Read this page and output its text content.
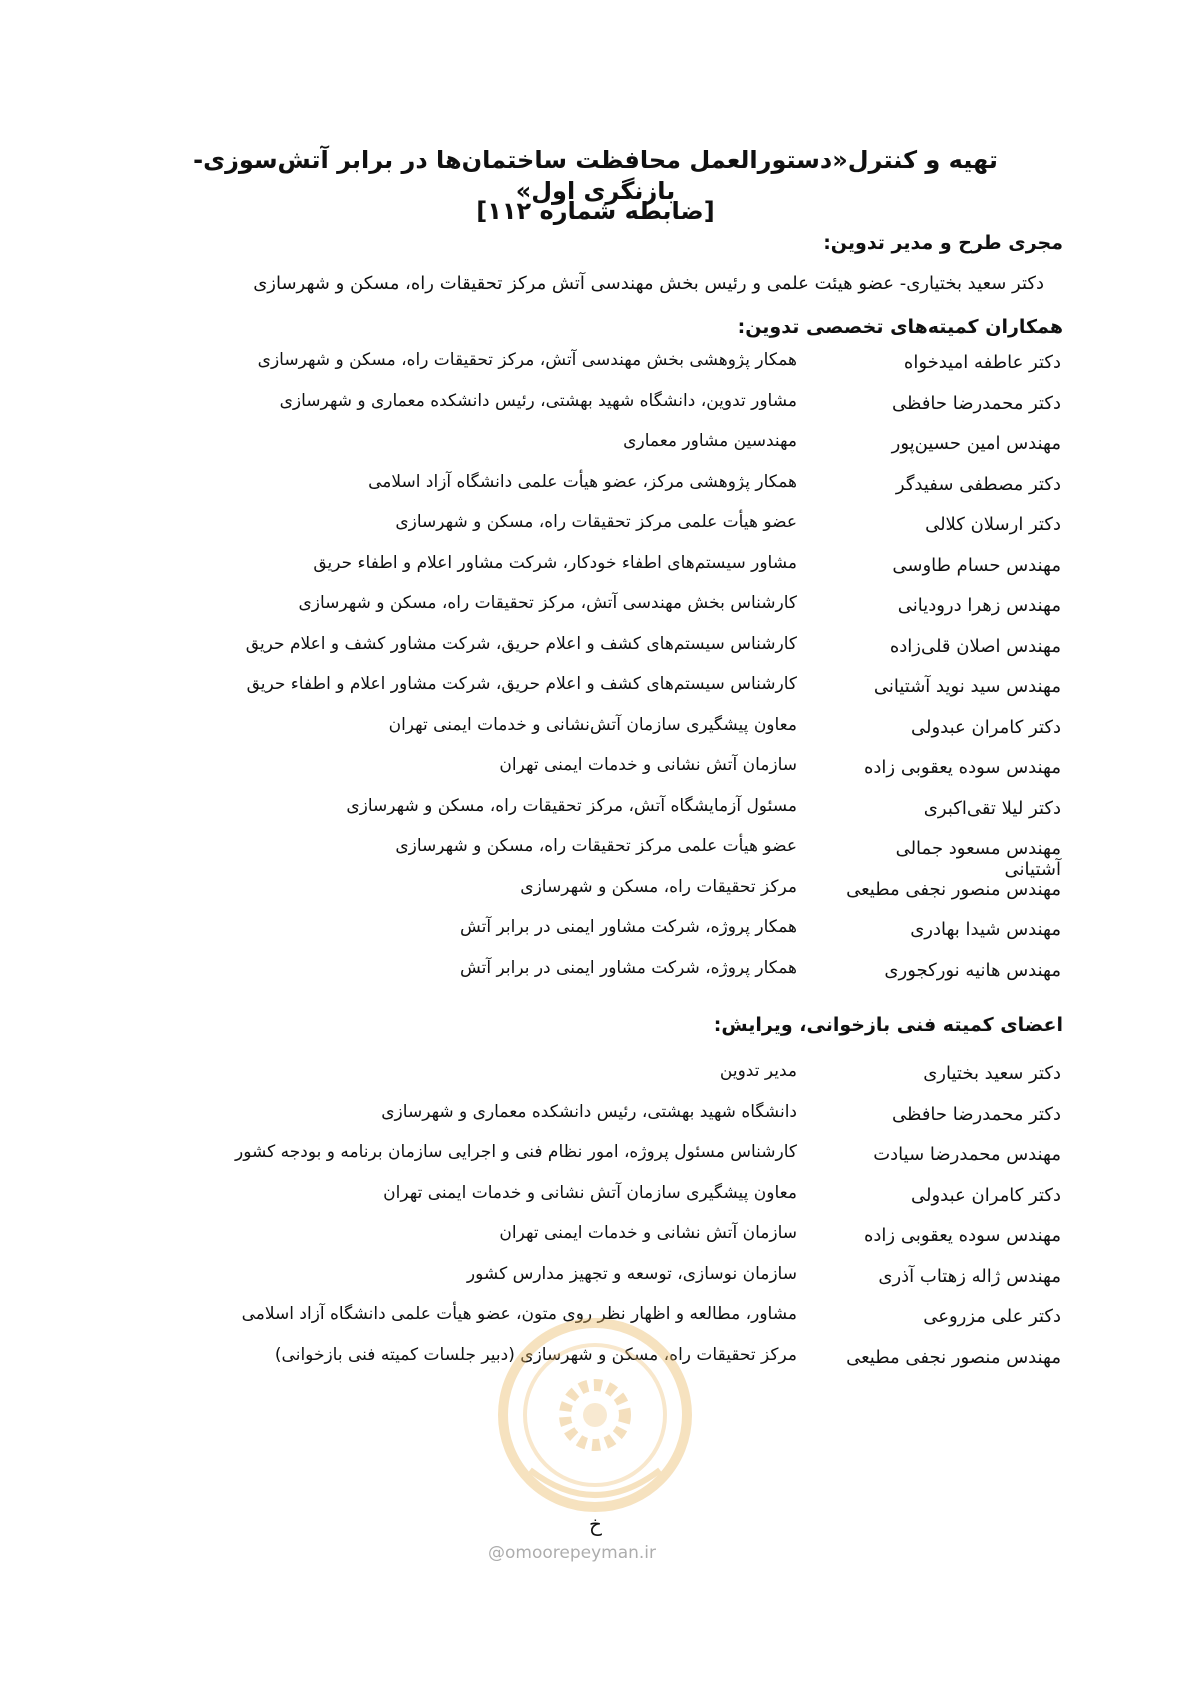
تهیه و کنترل«دستورالعمل محافظت ساختمان‌ها در برابر آتش‌سوزی-بازنگری اول»
[ضابطه شماره ۱۱۲]
مجری طرح و مدیر تدوین:
دکتر سعید بختیاری- عضو هیئت علمی و رئیس بخش مهندسی آتش مرکز تحقیقات راه، مسکن و شهرسازی
همکاران کمیته‌های تخصصی تدوین:
دکتر عاطفه امیدخواه
همکار پژوهشی بخش مهندسی آتش، مرکز تحقیقات راه، مسکن و شهرسازی
دکتر محمدرضا حافظی
مشاور تدوین، دانشگاه شهید بهشتی، رئیس دانشکده معماری و شهرسازی
مهندس امین حسین‌پور
مهندسین مشاور معماری
دکتر مصطفی سفیدگر
همکار پژوهشی مرکز، عضو هیأت علمی دانشگاه آزاد اسلامی
دکتر ارسلان کلالی
عضو هیأت علمی مرکز تحقیقات راه، مسکن و شهرسازی
مهندس حسام طاوسی
مشاور سیستم‌های اطفاء خودکار، شرکت مشاور اعلام و اطفاء حریق
مهندس زهرا درودیانی
کارشناس بخش مهندسی آتش، مرکز تحقیقات راه، مسکن و شهرسازی
مهندس اصلان قلی‌زاده
کارشناس سیستم‌های کشف و اعلام حریق، شرکت مشاور کشف و اعلام حریق
مهندس سید نوید آشتیانی
کارشناس سیستم‌های کشف و اعلام حریق، شرکت مشاور اعلام و اطفاء حریق
دکتر کامران عبدولی
معاون پیشگیری سازمان آتش‌نشانی و خدمات ایمنی تهران
مهندس سوده یعقوبی زاده
سازمان آتش نشانی و خدمات ایمنی تهران
دکتر لیلا تقی‌اکبری
مسئول آزمایشگاه آتش، مرکز تحقیقات راه، مسکن و شهرسازی
مهندس مسعود جمالی آشتیانی
عضو هیأت علمی مرکز تحقیقات راه، مسکن و شهرسازی
مهندس منصور نجفی مطیعی
مرکز تحقیقات راه، مسکن و شهرسازی
مهندس شیدا بهادری
همکار پروژه، شرکت مشاور ایمنی در برابر آتش
مهندس هانیه نورکجوری
همکار پروژه، شرکت مشاور ایمنی در برابر آتش
اعضای کمیته فنی بازخوانی، ویرایش:
دکتر سعید بختیاری
مدیر تدوین
دکتر محمدرضا حافظی
دانشگاه شهید بهشتی، رئیس دانشکده معماری و شهرسازی
مهندس محمدرضا سیادت
کارشناس مسئول پروژه، امور نظام فنی و اجرایی سازمان برنامه و بودجه کشور
دکتر کامران عبدولی
معاون پیشگیری سازمان آتش نشانی و خدمات ایمنی تهران
مهندس سوده یعقوبی زاده
سازمان آتش نشانی و خدمات ایمنی تهران
مهندس ژاله زهتاب آذری
سازمان نوسازی، توسعه و تجهیز مدارس کشور
دکتر علی مزروعی
مشاور، مطالعه و اظهار نظر روی متون، عضو هیأت علمی دانشگاه آزاد اسلامی
مهندس منصور نجفی مطیعی
مرکز تحقیقات راه، مسکن و شهرسازی (دبیر جلسات کمیته فنی بازخوانی)
@omoorepeyman.ir
خ
